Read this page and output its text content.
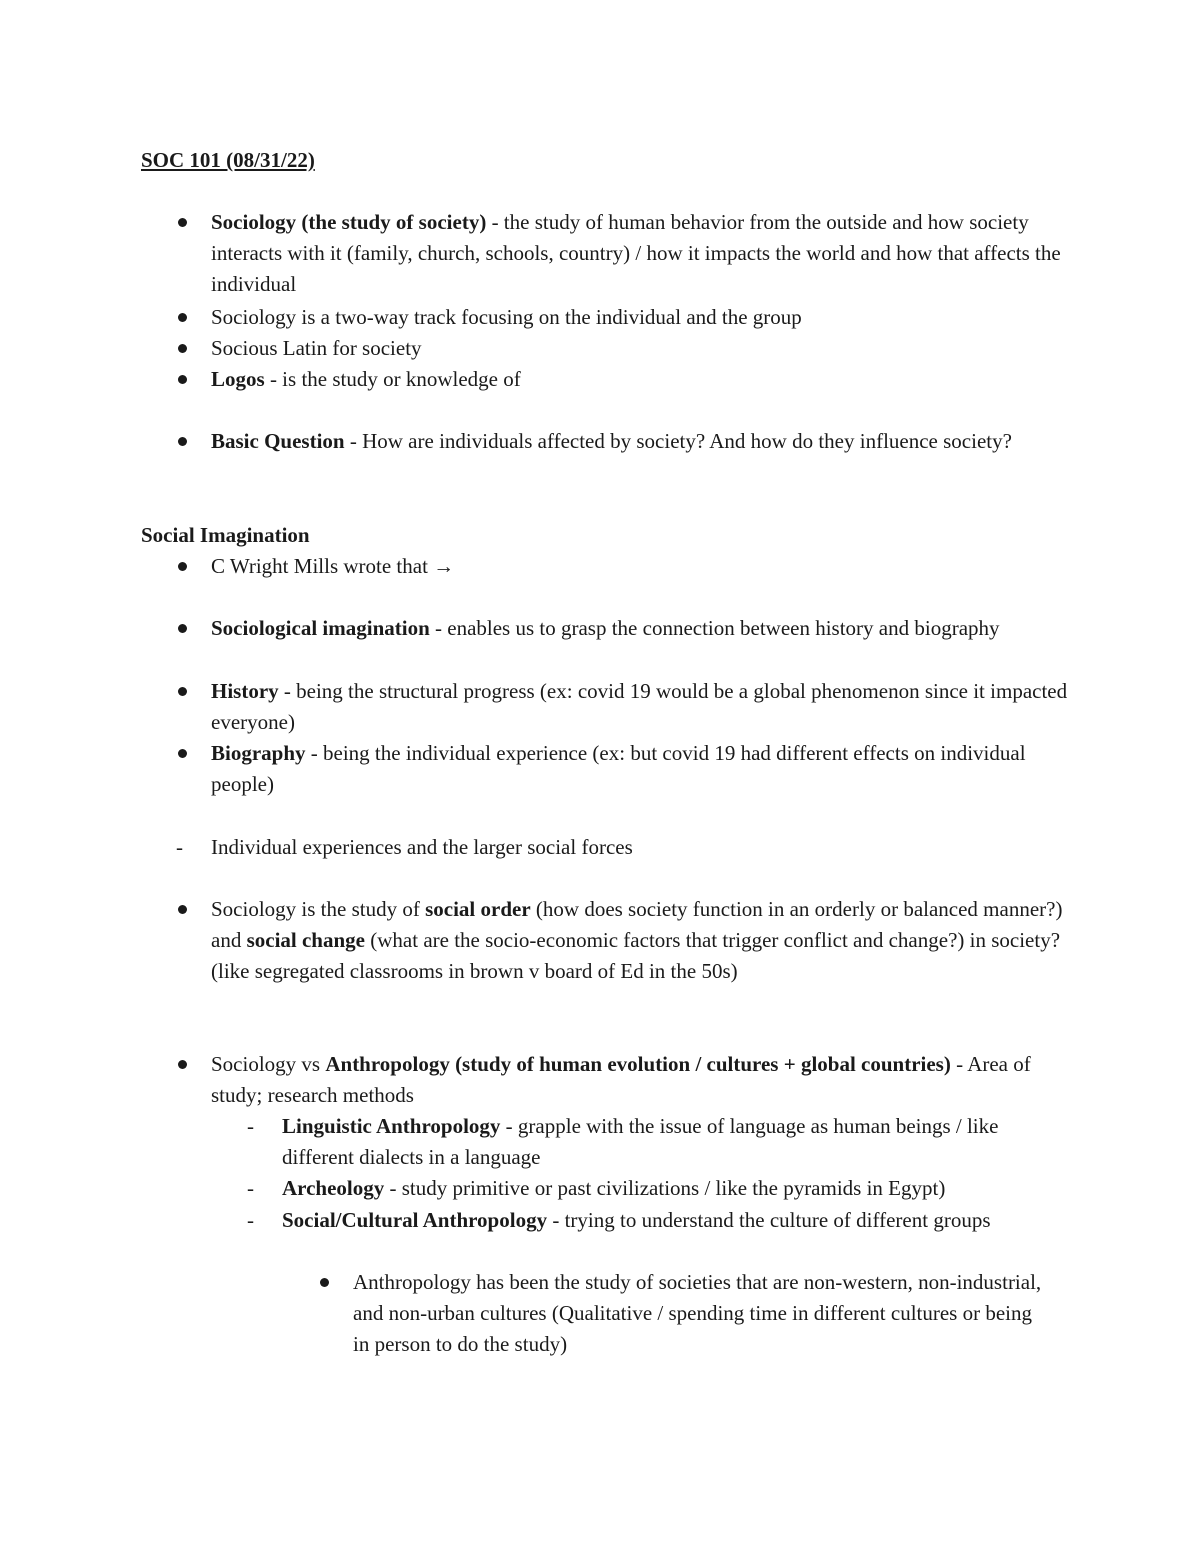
SOC 101 (08/31/22)
Sociology (the study of society) - the study of human behavior from the outside and how society interacts with it (family, church, schools, country) / how it impacts the world and how that affects the individual
Sociology is a two-way track focusing on the individual and the group
Socious Latin for society
Logos - is the study or knowledge of
Basic Question - How are individuals affected by society? And how do they influence society?
Social Imagination
C Wright Mills wrote that →
Sociological imagination - enables us to grasp the connection between history and biography
History - being the structural progress (ex: covid 19 would be a global phenomenon since it impacted everyone)
Biography - being the individual experience (ex: but covid 19 had different effects on individual people)
- Individual experiences and the larger social forces
Sociology is the study of social order (how does society function in an orderly or balanced manner?) and social change (what are the socio-economic factors that trigger conflict and change?) in society? (like segregated classrooms in brown v board of Ed in the 50s)
Sociology vs Anthropology (study of human evolution / cultures + global countries) - Area of study; research methods
- Linguistic Anthropology - grapple with the issue of language as human beings / like different dialects in a language
- Archeology - study primitive or past civilizations / like the pyramids in Egypt)
- Social/Cultural Anthropology - trying to understand the culture of different groups
Anthropology has been the study of societies that are non-western, non-industrial, and non-urban cultures (Qualitative / spending time in different cultures or being in person to do the study)
